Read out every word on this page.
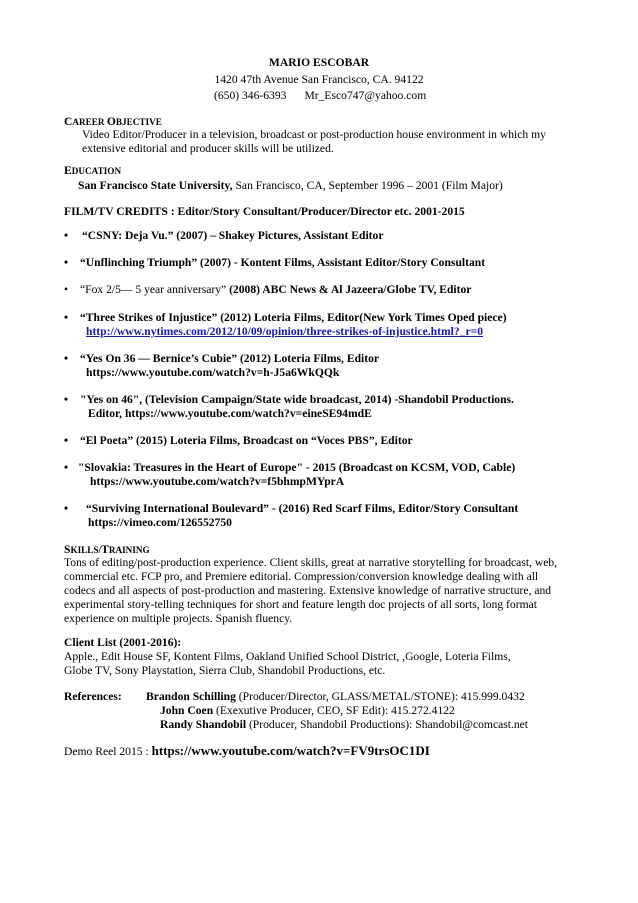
MARIO ESCOBAR
1420 47th Avenue San Francisco, CA. 94122
(650) 346-6393 Mr_Esco747@yahoo.com
CAREER OBJECTIVE
Video Editor/Producer in a television, broadcast or post-production house environment in which my
extensive editorial and producer skills will be utilized.
EDUCATION
San Francisco State University, San Francisco, CA, September 1996 – 2001 (Film Major)
FILM/TV CREDITS : Editor/Story Consultant/Producer/Director etc. 2001-2015
• “CSNY: Deja Vu.” (2007) – Shakey Pictures, Assistant Editor
• “Unflinching Triumph” (2007) - Kontent Films, Assistant Editor/Story Consultant
• “Fox 2/5— 5 year anniversary” (2008) ABC News & Al Jazeera/Globe TV, Editor
• “Three Strikes of Injustice” (2012) Loteria Films, Editor(New York Times Oped piece)
http://www.nytimes.com/2012/10/09/opinion/three-strikes-of-injustice.html?_r=0
• “Yes On 36 — Bernice’s Cubie” (2012) Loteria Films, Editor
https://www.youtube.com/watch?v=h-J5a6WkQQk
• "Yes on 46", (Television Campaign/State wide broadcast, 2014) -Shandobil Productions.
Editor, https://www.youtube.com/watch?v=eineSE94mdE
• “El Poeta” (2015) Loteria Films, Broadcast on “Voces PBS”, Editor
• "Slovakia: Treasures in the Heart of Europe" - 2015 (Broadcast on KCSM, VOD, Cable)
https://www.youtube.com/watch?v=f5bhmpMYprA
• “Surviving International Boulevard” - (2016) Red Scarf Films, Editor/Story Consultant
https://vimeo.com/126552750
SKILLS/TRAINING
Tons of editing/post-production experience. Client skills, great at narrative storytelling for broadcast, web,
commercial etc. FCP pro, and Premiere editorial. Compression/conversion knowledge dealing with all
codecs and all aspects of post-production and mastering. Extensive knowledge of narrative structure, and
experimental story-telling techniques for short and feature length doc projects of all sorts, long format
experience on multiple projects. Spanish fluency.
Client List (2001-2016):
Apple., Edit House SF, Kontent Films, Oakland Unified School District, ,Google, Loteria Films,
Globe TV, Sony Playstation, Sierra Club, Shandobil Productions, etc.
References: Brandon Schilling (Producer/Director, GLASS/METAL/STONE): 415.999.0432
John Coen (Exexutive Producer, CEO, SF Edit): 415.272.4122
Randy Shandobil (Producer, Shandobil Productions): Shandobil@comcast.net
Demo Reel 2015 : https://www.youtube.com/watch?v=FV9trsOC1DI
